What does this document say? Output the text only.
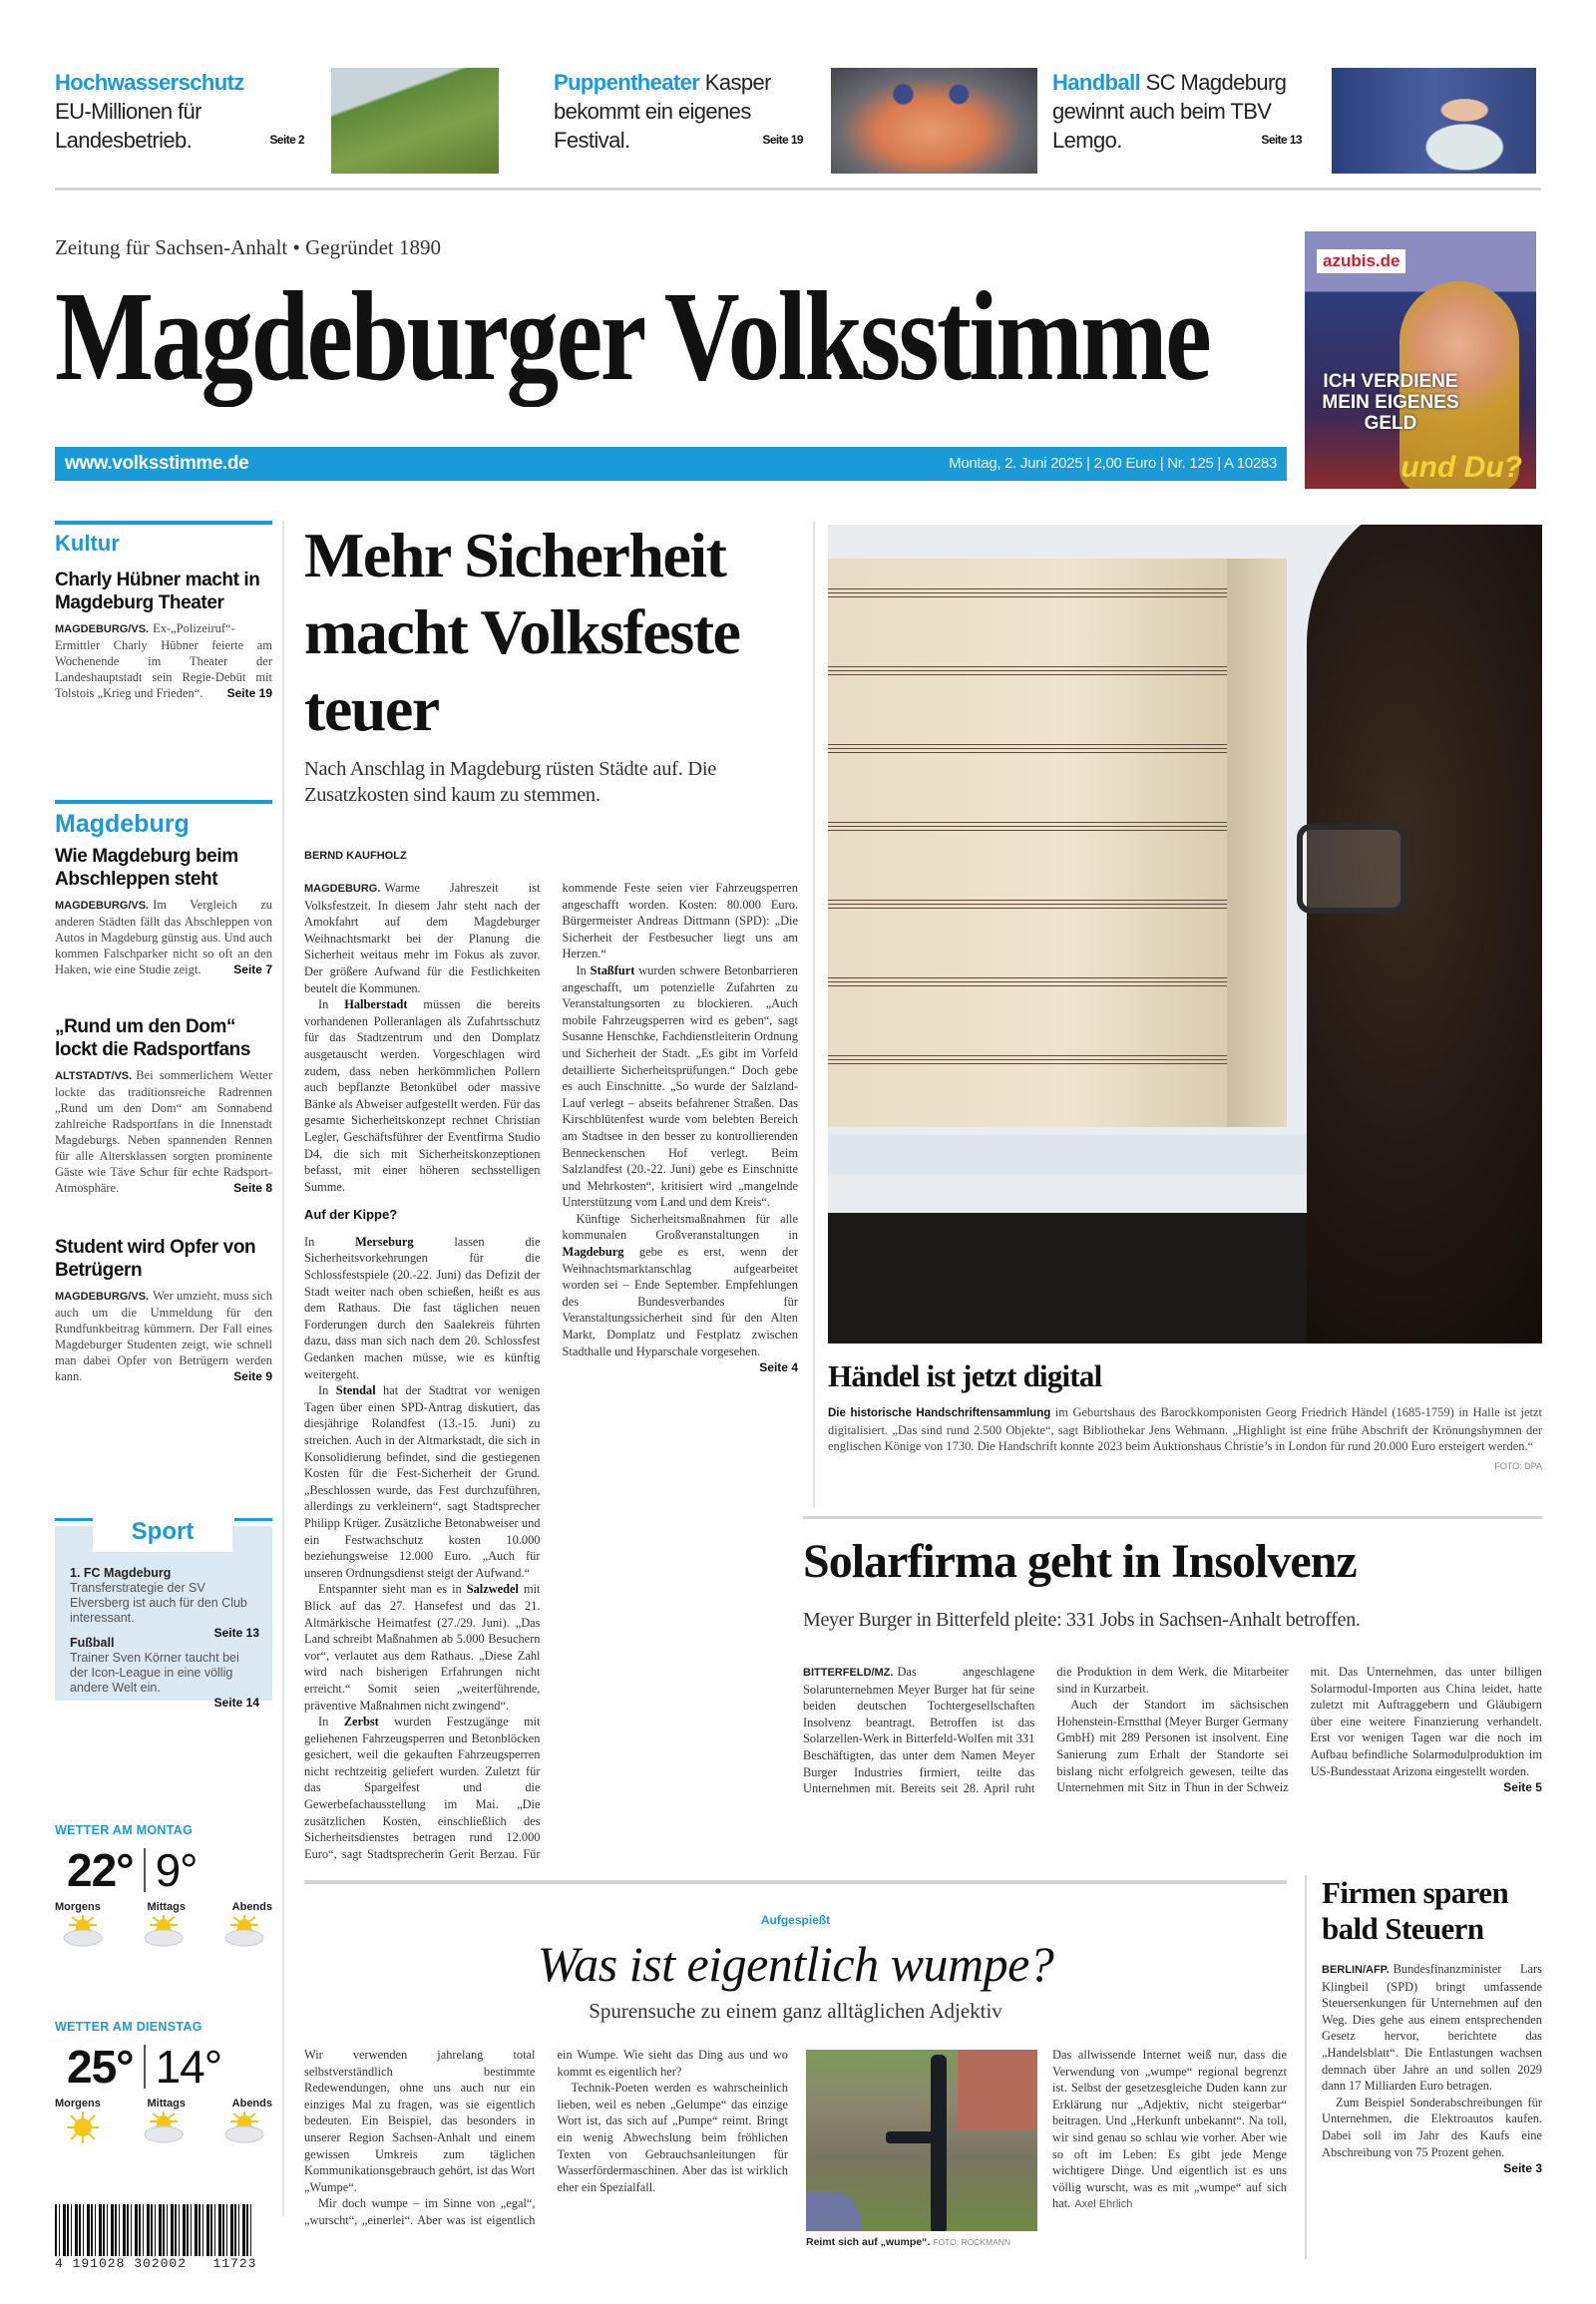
Hochwasserschutz
EU-Millionen für Landesbetrieb.	Seite 2
Puppentheater Kasper bekommt ein eigenes Festival.	Seite 19
Handball SC Magdeburg gewinnt auch beim TBV Lemgo.	Seite 13
Zeitung für Sachsen-Anhalt • Gegründet 1890
Magdeburger Volksstimme
www.volksstimme.de	Montag, 2. Juni 2025 | 2,00 Euro | Nr. 125 | A 10283
azubis.de
ICH VERDIENE MEIN EIGENES GELD
und Du?
Kultur
Charly Hübner macht in Magdeburg Theater
MAGDEBURG/VS. Ex-„Polizeiruf“-Ermittler Charly Hübner feierte am Wochenende im Theater der Landeshauptstadt sein Regie-Debüt mit Tolstois „Krieg und Frieden“. Seite 19
Magdeburg
Wie Magdeburg beim Abschleppen steht
MAGDEBURG/VS. Im Vergleich zu anderen Städten fällt das Abschleppen von Autos in Magdeburg günstig aus. Und auch kommen Falschparker nicht so oft an den Haken, wie eine Studie zeigt.	Seite 7
„Rund um den Dom“ lockt die Radsportfans
ALTSTADT/VS. Bei sommerlichem Wetter lockte das traditionsreiche Radrennen „Rund um den Dom“ am Sonnabend zahlreiche Radsportfans in die Innenstadt Magdeburgs. Neben spannenden Rennen für alle Altersklassen sorgten prominente Gäste wie Täve Schur für echte Radsport-Atmosphäre.	Seite 8
Student wird Opfer von Betrügern
MAGDEBURG/VS. Wer umzieht, muss sich auch um die Ummeldung für den Rundfunkbeitrag kümmern. Der Fall eines Magdeburger Studenten zeigt, wie schnell man dabei Opfer von Betrügern werden kann.	Seite 9
Sport
1. FC Magdeburg
Transferstrategie der SV Elversberg ist auch für den Club interessant.

Seite 13
Fußball
Trainer Sven Körner taucht bei der Icon-League in eine völlig andere Welt ein.

Seite 14
WETTER AM MONTAG
22° 9°
Morgens	Mittags	Abends
WETTER AM DIENSTAG
25° 14°
Morgens	Mittags	Abends
4 191028 302002 11723
Mehr Sicherheit macht Volksfeste teuer
Nach Anschlag in Magdeburg rüsten Städte auf. Die Zusatzkosten sind kaum zu stemmen.
BERND KAUFHOLZ

MAGDEBURG. Warme Jahreszeit ist Volksfestzeit. In diesem Jahr steht nach der Amokfahrt auf dem Magdeburger Weihnachtsmarkt bei der Planung die Sicherheit weitaus mehr im Fokus als zuvor. Der größere Aufwand für die Festlichkeiten beutelt die Kommunen.

In Halberstadt müssen die bereits vorhandenen Polleranlagen als Zufahrtsschutz für das Stadtzentrum und den Domplatz ausgetauscht werden. Vorgeschlagen wird zudem, dass neben herkömmlichen Pollern auch bepflanzte Betonkübel oder massive Bänke als Abweiser aufgestellt werden. Für das gesamte Sicherheitskonzept rechnet Christian Legler, Geschäftsführer der Eventfirma Studio D4, die sich mit Sicherheitskonzeptionen befasst, mit einer höheren sechsstelligen Summe.

Auf der Kippe?

In Merseburg lassen die Sicherheitsvorkehrungen für die Schlossfestspiele (20.-22. Juni) das Defizit der Stadt weiter nach oben schießen, heißt es aus dem Rathaus. Die fast täglichen neuen Forderungen durch den Saalekreis führten dazu, dass man sich nach dem 20. Schlossfest Gedanken machen müsse, wie es künftig weitergeht.

In Stendal hat der Stadtrat vor wenigen Tagen über einen SPD-Antrag diskutiert, das diesjährige Rolandfest (13.-15. Juni) zu streichen. Auch in der Altmarkstadt, die sich in Konsolidierung befindet, sind die gestiegenen Kosten für die Fest-Sicherheit der Grund. „Beschlossen wurde, das Fest durchzuführen, allerdings zu verkleinern“, sagt Stadtsprecher Philipp Krüger. Zusätzliche Betonabweiser und ein Festwachschutz kosten 10.000 beziehungsweise 12.000 Euro. „Auch für unseren Ordnungsdienst steigt der Aufwand.“

Entspannter sieht man es in Salzwedel mit Blick auf das 27. Hansefest und das 21. Altmärkische Heimatfest (27./29. Juni). „Das Land schreibt Maßnahmen ab 5.000 Besuchern vor“, verlautet aus dem Rathaus. „Diese Zahl wird nach bisherigen Erfahrungen nicht erreicht.“ Somit seien „weiterführende, präventive Maßnahmen nicht zwingend“.

In Zerbst wurden Festzugänge mit geliehenen Fahrzeugsperren und Betonblöcken gesichert, weil die gekauften Fahrzeugsperren nicht rechtzeitig geliefert wurden. Zuletzt für das Spargelfest und die Gewerbefachausstellung im Mai. „Die zusätzlichen Kosten, einschließlich des Sicherheitsdienstes betragen rund 12.000 Euro“, sagt Stadtsprecherin Gerit Berzau. Für kommende Feste seien vier Fahrzeugsperren angeschafft worden. Kosten: 80.000 Euro. Bürgermeister Andreas Dittmann (SPD): „Die Sicherheit der Festbesucher liegt uns am Herzen.“

In Staßfurt wurden schwere Betonbarrieren angeschafft, um potenzielle Zufahrten zu Veranstaltungsorten zu blockieren. „Auch mobile Fahrzeugsperren wird es geben“, sagt Susanne Henschke, Fachdienstleiterin Ordnung und Sicherheit der Stadt. „Es gibt im Vorfeld detaillierte Sicherheitsprüfungen.“ Doch gebe es auch Einschnitte. „So wurde der Salzland-Lauf verlegt – abseits befahrener Straßen. Das Kirschblütenfest wurde vom belebten Bereich am Stadtsee in den besser zu kontrollierenden Benneckenschen Hof verlegt. Beim Salzlandfest (20.-22. Juni) gebe es Einschnitte und Mehrkosten“, kritisiert wird „mangelnde Unterstützung vom Land und dem Kreis“.

Künftige Sicherheitsmaßnahmen für alle kommunalen Großveranstaltungen in Magdeburg gebe es erst, wenn der Weihnachtsmarktanschlag aufgearbeitet worden sei – Ende September. Empfehlungen des Bundesverbandes für Veranstaltungssicherheit sind für den Alten Markt, Domplatz und Festplatz zwischen Stadthalle und Hyparschale vorgesehen.
Seite 4 Händel ist jetzt digital
Die historische Handschriftensammlung im Geburtshaus des Barockkomponisten Georg Friedrich Händel (1685-1759) in Halle ist jetzt digitalisiert. „Das sind rund 2.500 Objekte“, sagt Bibliothekar Jens Wehmann. „Highlight ist eine frühe Abschrift der Krönungshymnen der englischen Könige von 1730. Die Handschrift konnte 2023 beim Auktionshaus Christie’s in London für rund 20.000 Euro ersteigert werden.“
FOTO: DPA
Solarfirma geht in Insolvenz
Meyer Burger in Bitterfeld pleite: 331 Jobs in Sachsen-Anhalt betroffen.

BITTERFELD/MZ. Das angeschlagene Solarunternehmen Meyer Burger hat für seine beiden deutschen Tochtergesellschaften Insolvenz beantragt. Betroffen ist das Solarzellen-Werk in Bitterfeld-Wolfen mit 331 Beschäftigten, das unter dem Namen Meyer Burger Industries firmiert, teilte das Unternehmen mit. Bereits seit 28. April ruht die Produktion in dem Werk, die Mitarbeiter sind in Kurzarbeit.

Auch der Standort im sächsischen Hohenstein-Ernstthal (Meyer Burger Germany GmbH) mit 289 Personen ist insolvent. Eine Sanierung zum Erhalt der Standorte sei bislang nicht erfolgreich gewesen, teilte das Unternehmen mit Sitz in Thun in der Schweiz mit. Das Unternehmen, das unter billigen Solarmodul-Importen aus China leidet, hatte zuletzt mit Auftraggebern und Gläubigern über eine weitere Finanzierung verhandelt. Erst vor wenigen Tagen war die noch im Aufbau befindliche Solarmodulproduktion im US-Bundesstaat Arizona eingestellt worden.
Seite 5

Aufgespießt
Was ist eigentlich wumpe?
Spurensuche zu einem ganz alltäglichen Adjektiv

Wir verwenden jahrelang total selbstverständlich bestimmte Redewendungen, ohne uns auch nur ein einziges Mal zu fragen, was sie eigentlich bedeuten. Ein Beispiel, das besonders in unserer Region Sachsen-Anhalt und einem gewissen Umkreis zum täglichen Kommunikationsgebrauch gehört, ist das Wort „Wumpe“.

Mir doch wumpe – im Sinne von „egal“, „wurscht“, „einerlei“. Aber was ist eigentlich ein Wumpe. Wie sieht das Ding aus und wo kommt es eigentlich her?

Technik-Poeten werden es wahrscheinlich lieben, weil es neben „Gelumpe“ das einzige Wort ist, das sich auf „Pumpe“ reimt. Bringt ein wenig Abwechslung beim fröhlichen Texten von Gebrauchsanleitungen für Wasserfördermaschinen. Aber das ist wirklich eher ein Spezialfall.

Reimt sich auf „wumpe“. FOTO: ROCKMANN
Das allwissende Internet weiß nur, dass die Verwendung von „wumpe“ regional begrenzt ist. Selbst der gesetzesgleiche Duden kann zur Erklärung nur „Adjektiv, nicht steigerbar“ beitragen. Und „Herkunft unbekannt“. Na toll, wir sind genau so schlau wie vorher. Aber wie so oft im Leben: Es gibt jede Menge wichtigere Dinge. Und eigentlich ist es uns völlig wurscht, was es mit „wumpe“ auf sich hat. Axel Ehrlich
Firmen sparen bald Steuern

BERLIN/AFP. Bundesfinanzminister Lars Klingbeil (SPD) bringt umfassende Steuersenkungen für Unternehmen auf den Weg. Dies gehe aus einem entsprechenden Gesetz hervor, berichtete das „Handelsblatt“. Die Entlastungen wachsen demnach über Jahre an und sollen 2029 dann 17 Milliarden Euro betragen.

Zum Beispiel Sonderabschreibungen für Unternehmen, die Elektroautos kaufen. Dabei soll im Jahr des Kaufs eine Abschreibung von 75 Prozent gehen.
Seite 3
